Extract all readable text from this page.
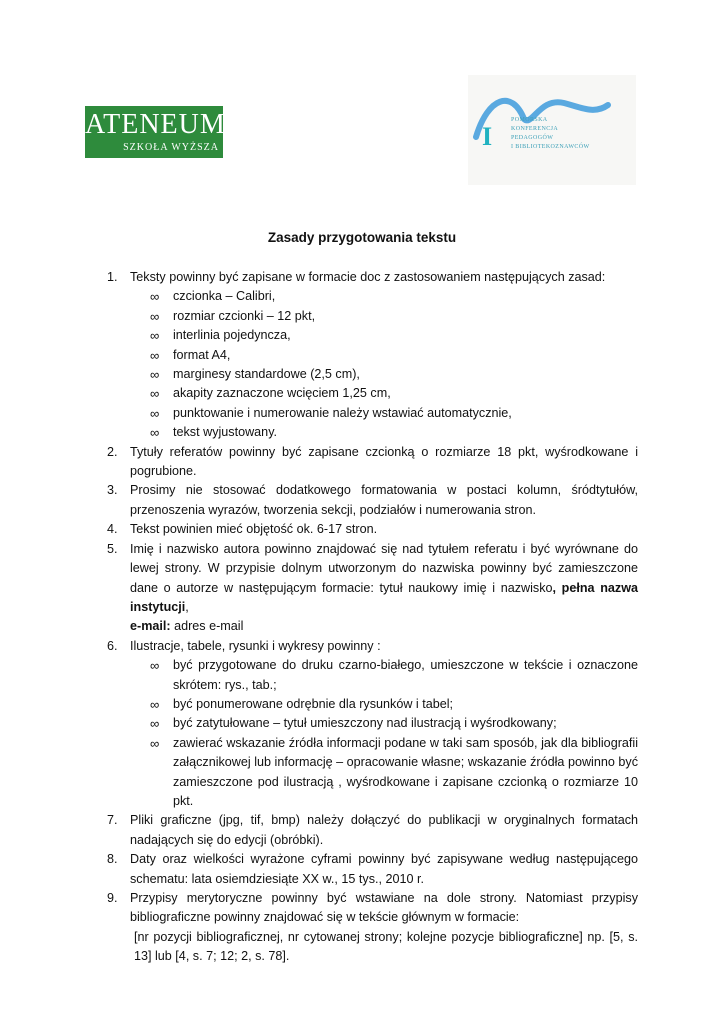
ATENEUM
SZKOŁA WYŻSZA	I
POMORSKA
KONFERENCJA
PEDAGOGÓW
I BIBLIOTEKOZNAWCÓW
Zasady przygotowania tekstu
1. Teksty powinny być zapisane w formacie doc z zastosowaniem następujących zasad:
∞ czcionka – Calibri,
∞ rozmiar czcionki – 12 pkt,
∞ interlinia pojedyncza,
∞ format A4,
∞ marginesy standardowe (2,5 cm),
∞ akapity zaznaczone wcięciem 1,25 cm,
∞ punktowanie i numerowanie należy wstawiać automatycznie,
∞ tekst wyjustowany.
2. Tytuły referatów powinny być zapisane czcionką o rozmiarze 18 pkt, wyśrodkowane i pogrubione.
3. Prosimy nie stosować dodatkowego formatowania w postaci kolumn, śródtytułów, przenoszenia wyrazów, tworzenia sekcji, podziałów i numerowania stron.
4. Tekst powinien mieć objętość ok. 6-17 stron.
5. Imię i nazwisko autora powinno znajdować się nad tytułem referatu i być wyrównane do lewej strony. W przypisie dolnym utworzonym do nazwiska powinny być zamieszczone dane o autorze w następującym formacie: tytuł naukowy imię i nazwisko, pełna nazwa instytucji,
e-mail: adres e-mail
6. Ilustracje, tabele, rysunki i wykresy powinny :
∞ być przygotowane do druku czarno-białego, umieszczone w tekście i oznaczone skrótem: rys., tab.;
∞ być ponumerowane odrębnie dla rysunków i tabel;
∞ być zatytułowane – tytuł umieszczony nad ilustracją i wyśrodkowany;
∞ zawierać wskazanie źródła informacji podane w taki sam sposób, jak dla bibliografii załącznikowej lub informację – opracowanie własne; wskazanie źródła powinno być zamieszczone pod ilustracją , wyśrodkowane i zapisane czcionką o rozmiarze 10 pkt.
7. Pliki graficzne (jpg, tif, bmp) należy dołączyć do publikacji w oryginalnych formatach nadających się do edycji (obróbki).
8. Daty oraz wielkości wyrażone cyframi powinny być zapisywane według następującego schematu: lata osiemdziesiąte XX w., 15 tys., 2010 r.
9. Przypisy merytoryczne powinny być wstawiane na dole strony. Natomiast przypisy bibliograficzne powinny znajdować się w tekście głównym w formacie:
[nr pozycji bibliograficznej, nr cytowanej strony; kolejne pozycje bibliograficzne] np. [5, s. 13] lub [4, s. 7; 12; 2, s. 78].
